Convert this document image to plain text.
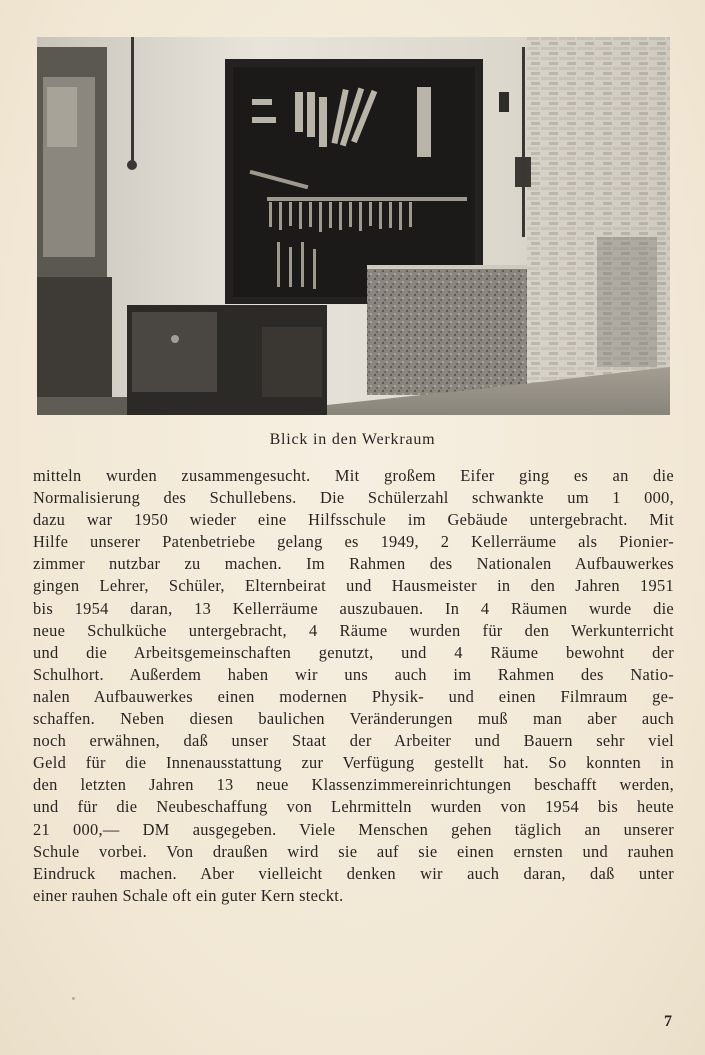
Blick in den Werkraum
mitteln wurden zusammengesucht. Mit großem Eifer ging es an die
Normalisierung des Schullebens. Die Schülerzahl schwankte um 1 000,
dazu war 1950 wieder eine Hilfsschule im Gebäude untergebracht. Mit
Hilfe unserer Patenbetriebe gelang es 1949, 2 Kellerräume als Pionier-
zimmer nutzbar zu machen. Im Rahmen des Nationalen Aufbauwerkes
gingen Lehrer, Schüler, Elternbeirat und Hausmeister in den Jahren 1951
bis 1954 daran, 13 Kellerräume auszubauen. In 4 Räumen wurde die
neue Schulküche untergebracht, 4 Räume wurden für den Werkunterricht
und die Arbeitsgemeinschaften genutzt, und 4 Räume bewohnt der
Schulhort. Außerdem haben wir uns auch im Rahmen des Natio-
nalen Aufbauwerkes einen modernen Physik- und einen Filmraum ge-
schaffen. Neben diesen baulichen Veränderungen muß man aber auch
noch erwähnen, daß unser Staat der Arbeiter und Bauern sehr viel
Geld für die Innenausstattung zur Verfügung gestellt hat. So konnten in
den letzten Jahren 13 neue Klassenzimmereinrichtungen beschafft werden,
und für die Neubeschaffung von Lehrmitteln wurden von 1954 bis heute
21 000,— DM ausgegeben. Viele Menschen gehen täglich an unserer
Schule vorbei. Von draußen wird sie auf sie einen ernsten und rauhen
Eindruck machen. Aber vielleicht denken wir auch daran, daß unter
einer rauhen Schale oft ein guter Kern steckt.
7
